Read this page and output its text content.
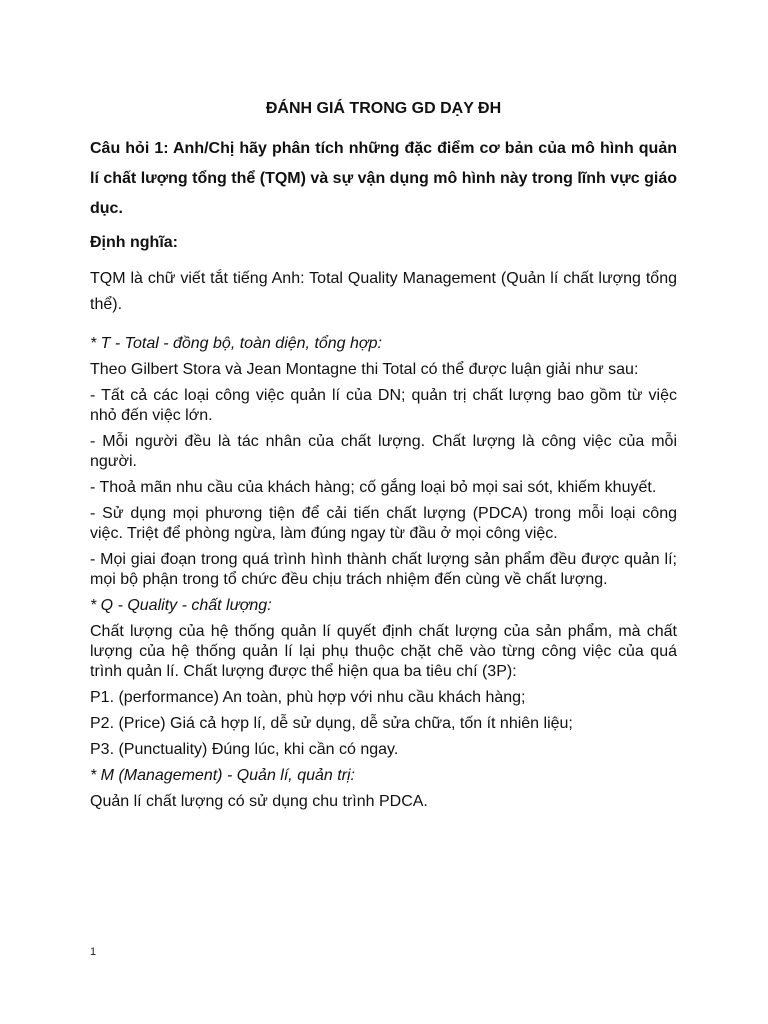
ĐÁNH GIÁ TRONG GD DẠY ĐH
Câu hỏi 1: Anh/Chị hãy phân tích những đặc điểm cơ bản của mô hình quản lí chất lượng tổng thể (TQM) và sự vận dụng mô hình này trong lĩnh vực giáo dục.
Định nghĩa:
TQM là chữ viết tắt tiếng Anh: Total Quality Management (Quản lí chất lượng tổng thể).
* T - Total - đồng bộ, toàn diện, tổng hợp:
Theo Gilbert Stora và Jean Montagne thi Total có thể được luận giải như sau:
- Tất cả các loại công việc quản lí của DN; quản trị chất lượng bao gồm từ việc nhỏ đến việc lớn.
- Mỗi người đều là tác nhân của chất lượng. Chất lượng là công việc của mỗi người.
- Thoả mãn nhu cầu của khách hàng; cố gắng loại bỏ mọi sai sót, khiếm khuyết.
- Sử dụng mọi phương tiện để cải tiến chất lượng (PDCA) trong mỗi loại công việc. Triệt để phòng ngừa, làm đúng ngay từ đầu ở mọi công việc.
- Mọi giai đoạn trong quá trình hình thành chất lượng sản phẩm đều được quản lí; mọi bộ phận trong tổ chức đều chịu trách nhiệm đến cùng về chất lượng.
* Q - Quality - chất lượng:
Chất lượng của hệ thống quản lí quyết định chất lượng của sản phẩm, mà chất lượng của hệ thống quản lí lại phụ thuộc chặt chẽ vào từng công việc của quá trình quản lí. Chất lượng được thể hiện qua ba tiêu chí (3P):
P1. (performance) An toàn, phù hợp với nhu cầu khách hàng;
P2. (Price) Giá cả hợp lí, dễ sử dụng, dễ sửa chữa, tốn ít nhiên liệu;
P3. (Punctuality) Đúng lúc, khi cần có ngay.
* M (Management) - Quản lí, quản trị:
Quản lí chất lượng có sử dụng chu trình PDCA.
1
